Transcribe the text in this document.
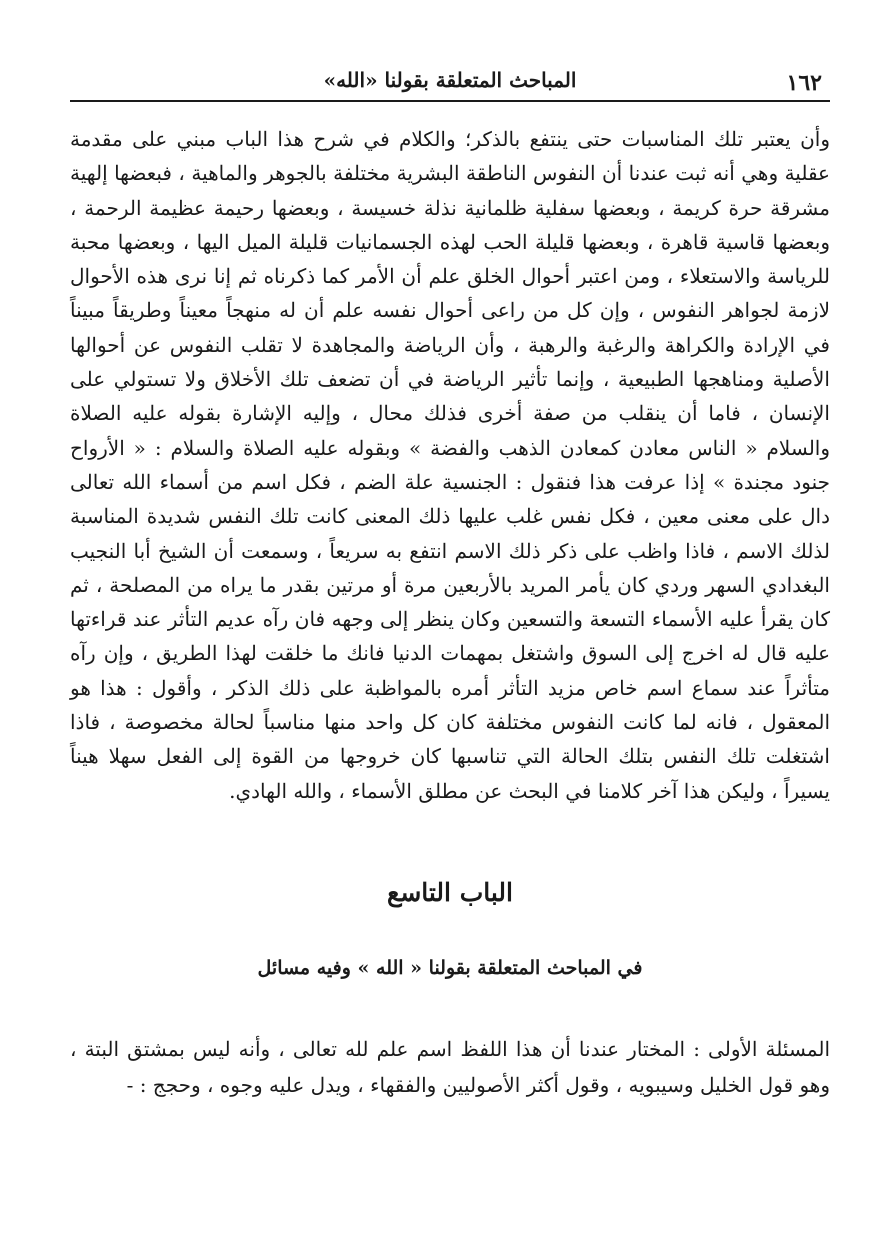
١٦٢
المباحث المتعلقة بقولنا «الله»

وأن يعتبر تلك المناسبات حتى ينتفع بالذكر؛ والكلام في شرح هذا الباب مبني على مقدمة عقلية وهي أنه ثبت عندنا أن النفوس الناطقة البشرية مختلفة بالجوهر والماهية ، فبعضها إلهية مشرقة حرة كريمة ، وبعضها سفلية ظلمانية نذلة خسيسة ، وبعضها رحيمة عظيمة الرحمة ، وبعضها قاسية قاهرة ، وبعضها قليلة الحب لهذه الجسمانيات قليلة الميل اليها ، وبعضها محبة للرياسة والاستعلاء ، ومن اعتبر أحوال الخلق علم أن الأمر كما ذكرناه ثم إنا نرى هذه الأحوال لازمة لجواهر النفوس ، وإن كل من راعى أحوال نفسه علم أن له منهجاً معيناً وطريقاً مبيناً في الإرادة والكراهة والرغبة والرهبة ، وأن الرياضة والمجاهدة لا تقلب النفوس عن أحوالها الأصلية ومناهجها الطبيعية ، وإنما تأثير الرياضة في أن تضعف تلك الأخلاق ولا تستولي على الإنسان ، فاما أن ينقلب من صفة أخرى فذلك محال ، وإليه الإشارة بقوله عليه الصلاة والسلام « الناس معادن كمعادن الذهب والفضة » وبقوله عليه الصلاة والسلام : « الأرواح جنود مجندة » إذا عرفت هذا فنقول : الجنسية علة الضم ، فكل اسم من أسماء الله تعالى دال على معنى معين ، فكل نفس غلب عليها ذلك المعنى كانت تلك النفس شديدة المناسبة لذلك الاسم ، فاذا واظب على ذكر ذلك الاسم انتفع به سريعاً ، وسمعت أن الشيخ أبا النجيب البغدادي السهر وردي كان يأمر المريد بالأربعين مرة أو مرتين بقدر ما يراه من المصلحة ، ثم كان يقرأ عليه الأسماء التسعة والتسعين وكان ينظر إلى وجهه فان رآه عديم التأثر عند قراءتها عليه قال له اخرج إلى السوق واشتغل بمهمات الدنيا فانك ما خلقت لهذا الطريق ، وإن رآه متأثراً عند سماع اسم خاص مزيد التأثر أمره بالمواظبة على ذلك الذكر ، وأقول : هذا هو المعقول ، فانه لما كانت النفوس مختلفة كان كل واحد منها مناسباً لحالة مخصوصة ، فاذا اشتغلت تلك النفس بتلك الحالة التي تناسبها كان خروجها من القوة إلى الفعل سهلا هيناً يسيراً ، وليكن هذا آخر كلامنا في البحث عن مطلق الأسماء ، والله الهادي.

الباب التاسع
في المباحث المتعلقة بقولنا « الله » وفيه مسائل

المسئلة الأولى : المختار عندنا أن هذا اللفظ اسم علم لله تعالى ، وأنه ليس بمشتق البتة ، وهو قول الخليل وسيبويه ، وقول أكثر الأصوليين والفقهاء ، ويدل عليه وجوه ، وحجج : -
